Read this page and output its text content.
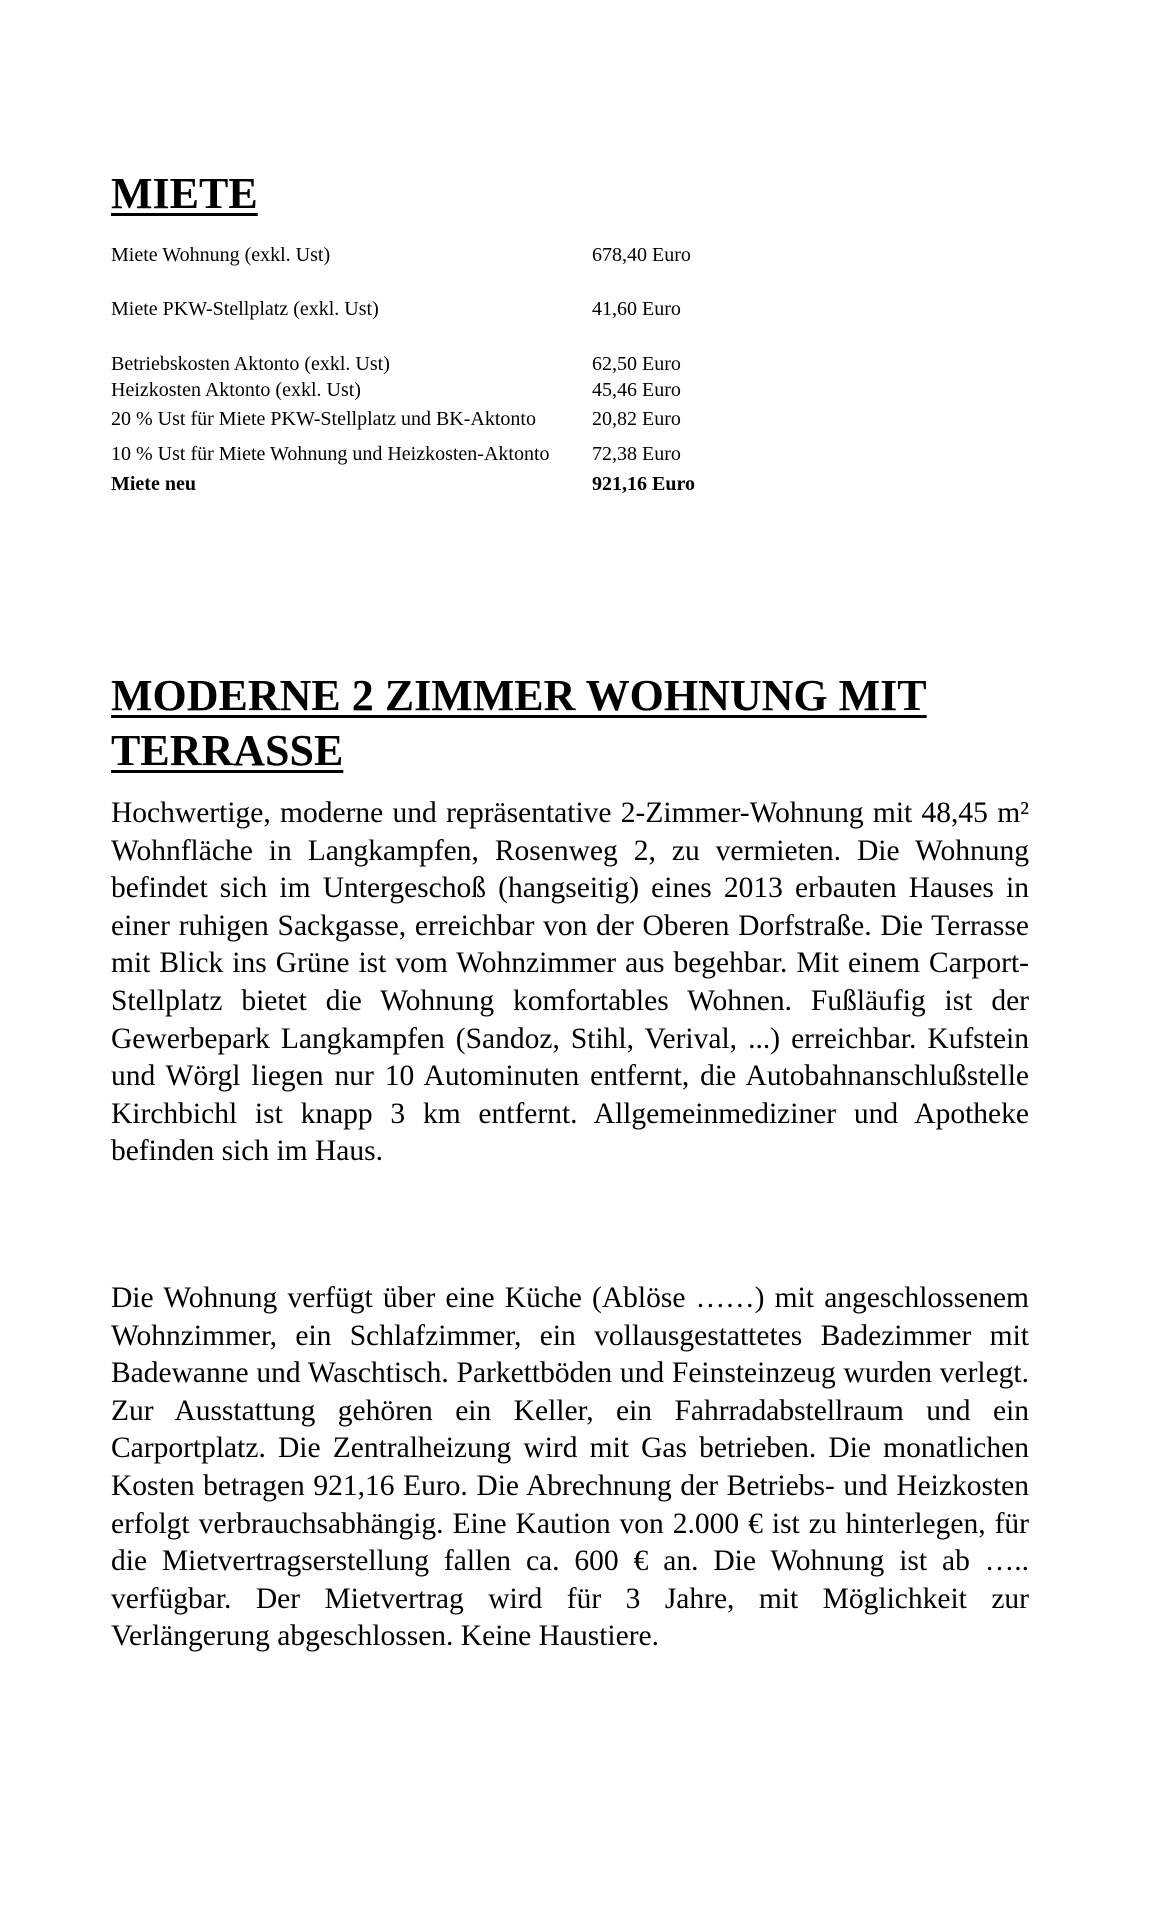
MIETE
Miete Wohnung (exkl. Ust)	678,40 Euro
Miete PKW-Stellplatz (exkl. Ust)	41,60 Euro
Betriebskosten Aktonto (exkl. Ust)	62,50 Euro
Heizkosten Aktonto (exkl. Ust)	45,46 Euro
20 % Ust für Miete PKW-Stellplatz und BK-Aktonto	20,82 Euro
10 % Ust für Miete Wohnung und Heizkosten-Aktonto 72,38 Euro
Miete neu	921,16 Euro
MODERNE 2 ZIMMER WOHNUNG MIT TERRASSE

Hochwertige, moderne und repräsentative 2-Zimmer-Wohnung mit 48,45 m² Wohnfläche in Langkampfen, Rosenweg 2, zu vermieten. Die Wohnung befindet sich im Untergeschoß (hangseitig) eines 2013 erbauten Hauses in einer ruhigen Sackgasse, erreichbar von der Oberen Dorfstraße. Die Terrasse mit Blick ins Grüne ist vom Wohnzimmer aus begehbar. Mit einem Carport-Stellplatz bietet die Wohnung komfortables Wohnen. Fußläufig ist der Gewerbepark Langkampfen (Sandoz, Stihl, Verival, ...) erreichbar. Kufstein und Wörgl liegen nur 10 Autominuten entfernt, die Autobahnanschlußstelle Kirchbichl ist knapp 3 km entfernt. Allgemeinmediziner und Apotheke befinden sich im Haus.

Die Wohnung verfügt über eine Küche (Ablöse ……) mit angeschlossenem Wohnzimmer, ein Schlafzimmer, ein vollausgestattetes Badezimmer mit Badewanne und Waschtisch. Parkettböden und Feinsteinzeug wurden verlegt. Zur Ausstattung gehören ein Keller, ein Fahrradabstellraum und ein Carportplatz. Die Zentralheizung wird mit Gas betrieben. Die monatlichen Kosten betragen 921,16 Euro. Die Abrechnung der Betriebs- und Heizkosten erfolgt verbrauchsabhängig. Eine Kaution von 2.000 € ist zu hinterlegen, für die Mietvertragserstellung fallen ca. 600 € an. Die Wohnung ist ab ….. verfügbar. Der Mietvertrag wird für 3 Jahre, mit Möglichkeit zur Verlängerung abgeschlossen. Keine Haustiere.
